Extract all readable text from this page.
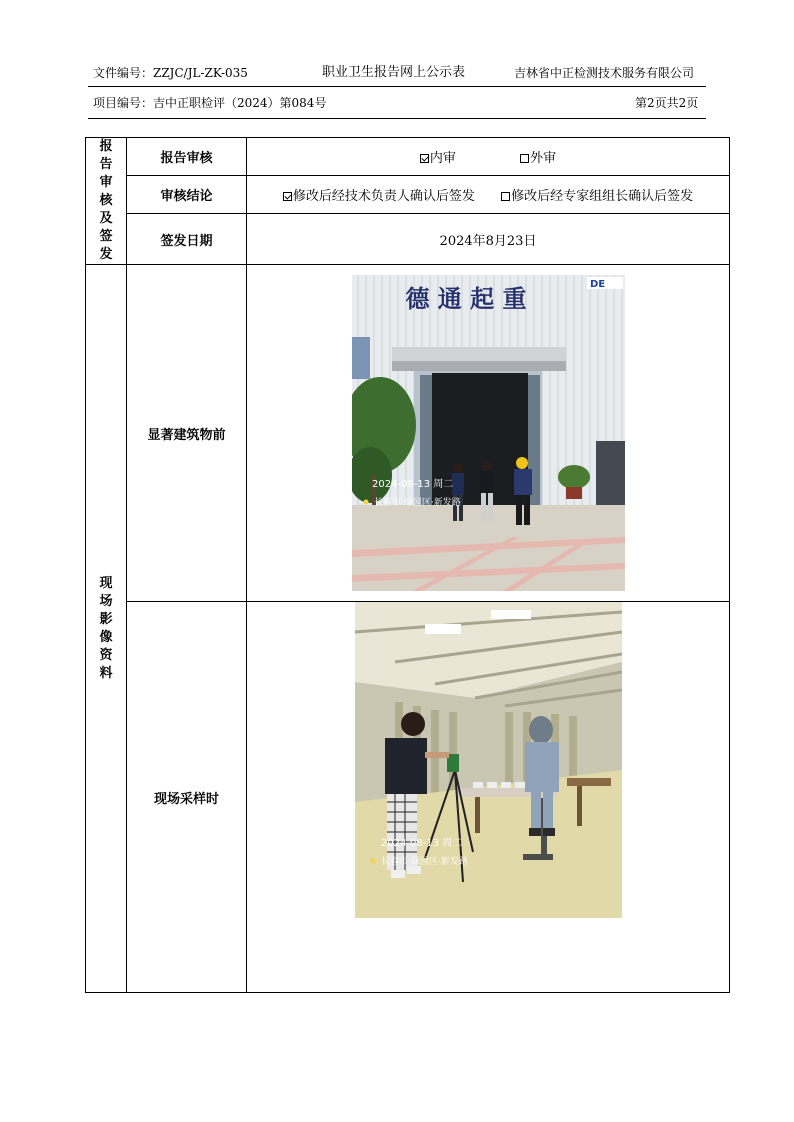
文件编号：ZZJC/JL-ZK-035	职业卫生报告网上公示表	吉林省中正检测技术服务有限公司
项目编号：吉中正职检评（2024）第084号	第2页共2页
报告审核及签发	报告审核	内审 外审
	审核结论	修改后经技术负责人确认后签发 修改后经专家组组长确认后签发
	签发日期	2024年8月23日

现场影像资料	显著建筑物前	德 通 起 重 DE
2024-08-13 周二
长春市·绿园区·新发路

	现场采样时	2024-08-13 周二
长春市·绿园区·新发路
